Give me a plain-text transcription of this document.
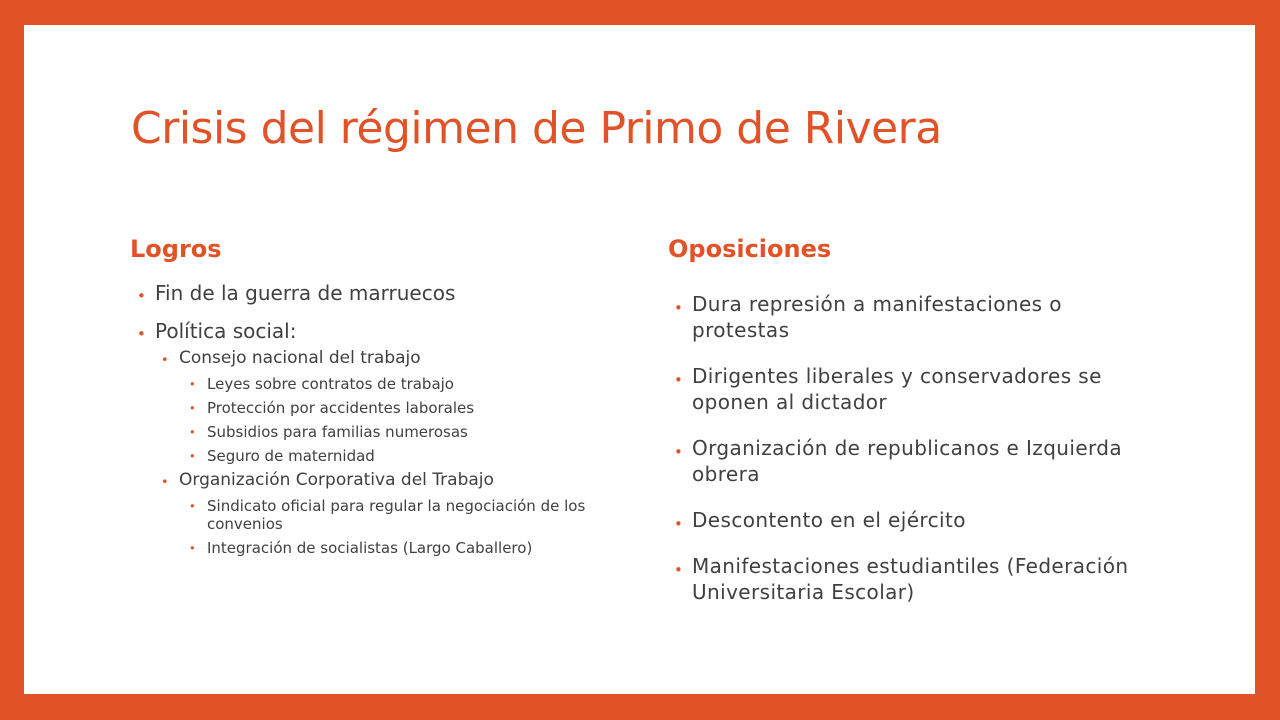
Crisis del régimen de Primo de Rivera
Logros	Oposiciones
• Fin de la guerra de marruecos
• Política social:
• Consejo nacional del trabajo
• Leyes sobre contratos de trabajo
• Protección por accidentes laborales
• Subsidios para familias numerosas
• Seguro de maternidad
• Organización Corporativa del Trabajo
• Sindicato oficial para regular la negociación de los convenios
• Integración de socialistas (Largo Caballero)
• Dura represión a manifestaciones o protestas
• Dirigentes liberales y conservadores se oponen al dictador
• Organización de republicanos e Izquierda obrera
• Descontento en el ejército
• Manifestaciones estudiantiles (Federación Universitaria Escolar)
